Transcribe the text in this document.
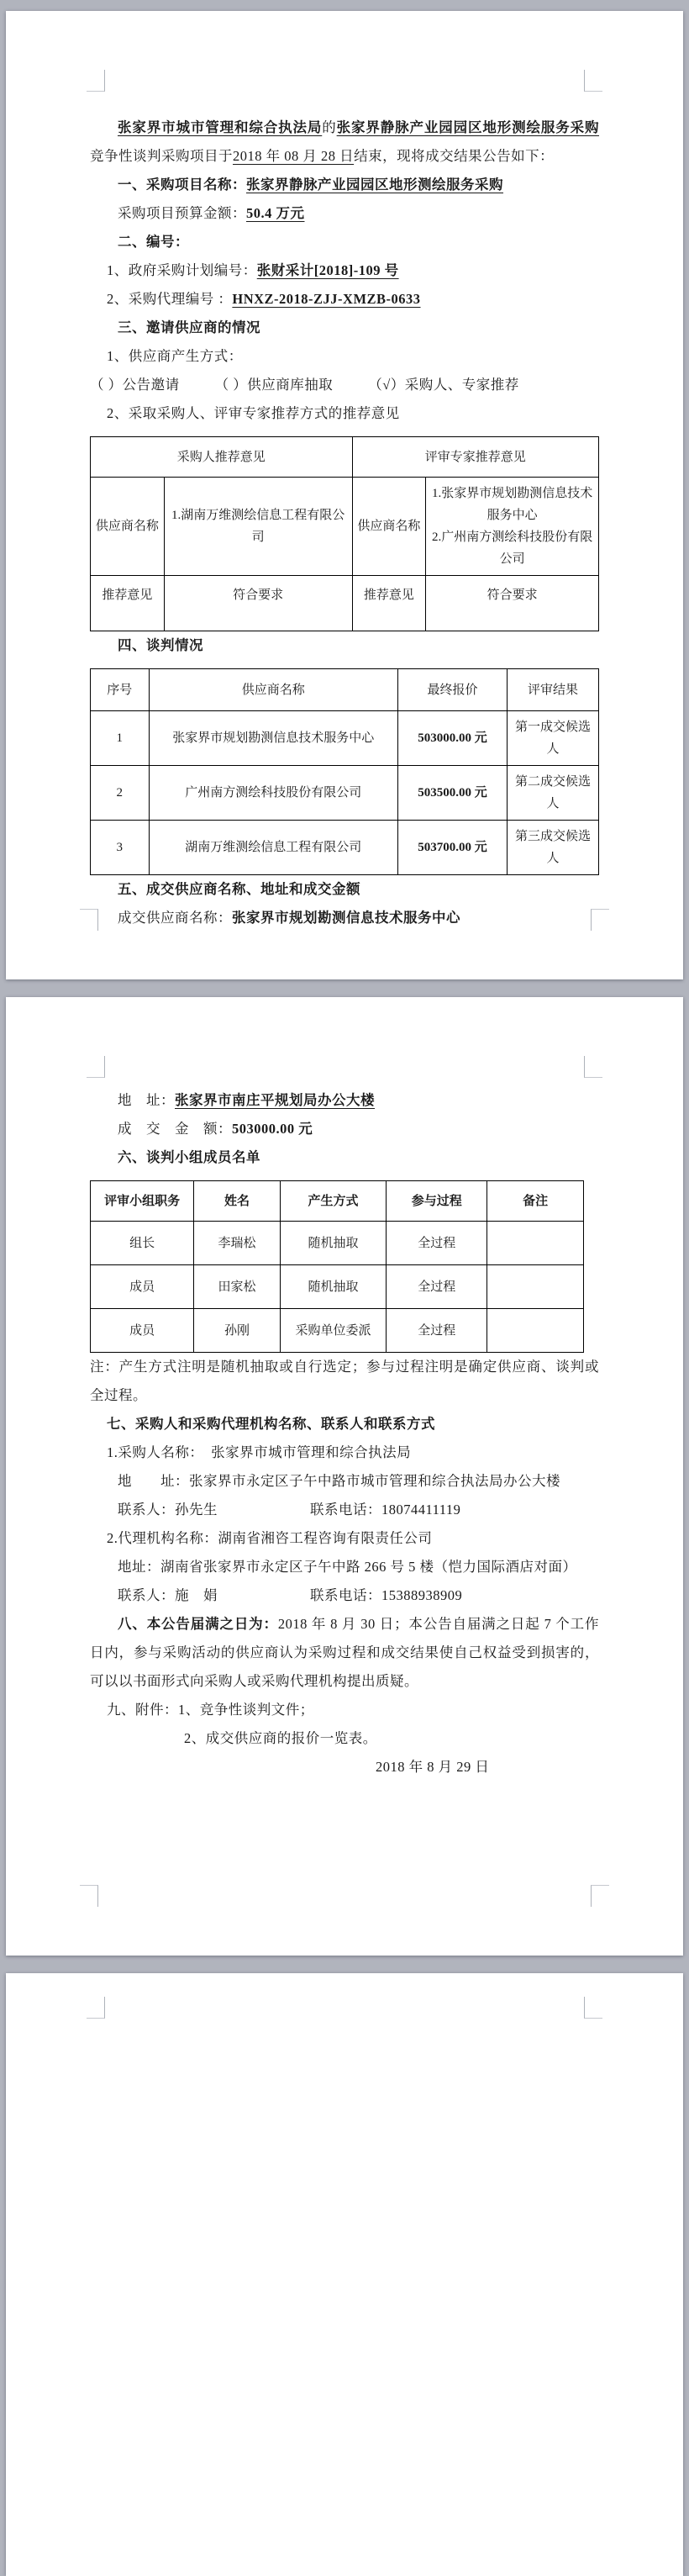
张家界市城市管理和综合执法局的张家界静脉产业园园区地形测绘服务采购竞争性谈判采购项目于2018 年 08 月 28 日结束，现将成交结果公告如下：

一、采购项目名称：张家界静脉产业园园区地形测绘服务采购

采购项目预算金额：50.4 万元

二、编号：

1、政府采购计划编号：张财采计[2018]-109 号

2、采购代理编号 ：HNXZ-2018-ZJJ-XMZB-0633

三、邀请供应商的情况

1、供应商产生方式：

（ ）公告邀请	（ ）供应商库抽取	（√）采购人、专家推荐

2、采取采购人、评审专家推荐方式的推荐意见

采购人推荐意见		评审专家推荐意见	
供应商名称	1.湖南万维测绘信息工程有限公司	供应商名称	1.张家界市规划勘测信息技术服务中心
2.广州南方测绘科技股份有限公司

推荐意见	符合要求	推荐意见	符合要求

四、谈判情况

序号	供应商名称	最终报价	评审结果
1	张家界市规划勘测信息技术服务中心	503000.00 元	第一成交候选人
2	广州南方测绘科技股份有限公司	503500.00 元	第二成交候选人
3	湖南万维测绘信息工程有限公司	503700.00 元	第三成交候选人

五、成交供应商名称、地址和成交金额

成交供应商名称：张家界市规划勘测信息技术服务中心

地　址：张家界市南庄平规划局办公大楼

成　交　金　额：503000.00 元

六、谈判小组成员名单

评审小组职务	姓名	产生方式	参与过程	备注
组长	李瑞松	随机抽取	全过程	
成员	田家松	随机抽取	全过程	
成员	孙刚	采购单位委派	全过程	

注：产生方式注明是随机抽取或自行选定；参与过程注明是确定供应商、谈判或全过程。

七、采购人和采购代理机构名称、联系人和联系方式

1.采购人名称：　张家界市城市管理和综合执法局

地　　址：张家界市永定区子午中路市城市管理和综合执法局办公大楼

联系人：孙先生	联系电话：18074411119

2.代理机构名称：湖南省湘咨工程咨询有限责任公司

地址：湖南省张家界市永定区子午中路 266 号 5 楼（恺力国际酒店对面）

联系人：施　娟	联系电话：15388938909

八、本公告届满之日为：2018 年 8 月 30 日；本公告自届满之日起 7 个工作日内，参与采购活动的供应商认为采购过程和成交结果使自己权益受到损害的，可以以书面形式向采购人或采购代理机构提出质疑。

九、附件：1、竞争性谈判文件；

2、成交供应商的报价一览表。

2018 年 8 月 29 日
